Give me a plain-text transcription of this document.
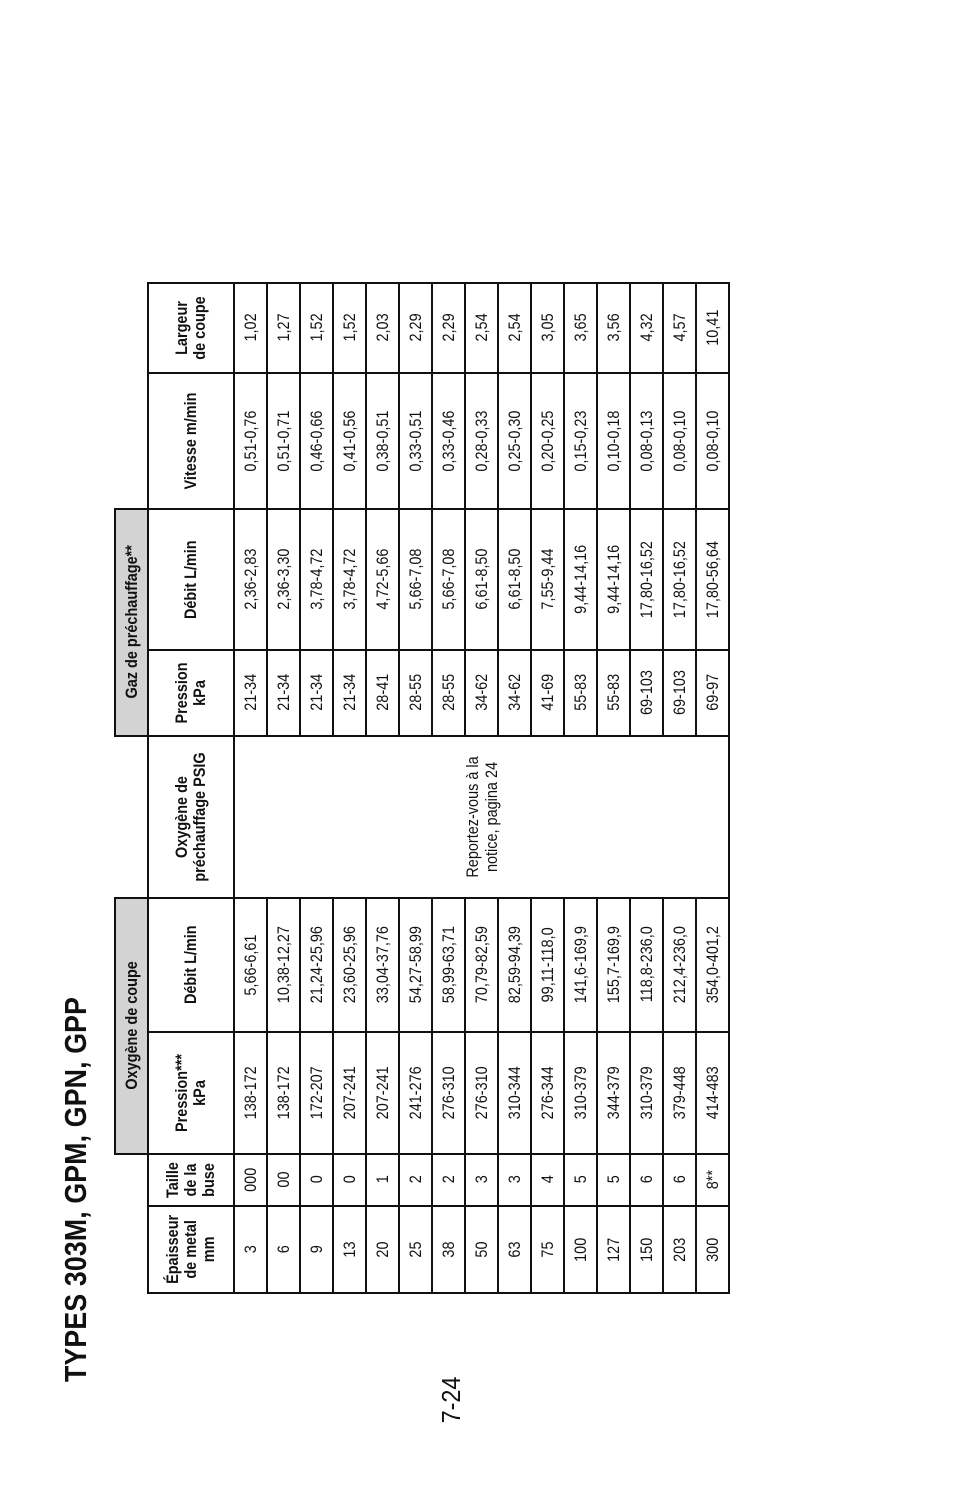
TYPES 303M, GPM, GPN, GPP
		Oxygène de coupe			Gaz de préchauffage**			
Épaisseur de metal mm	Taille de la buse	Pression*** kPa	Débit L/min	Oxygène de préchauffage PSIG	Pression kPa	Débit L/min	Vitesse m/min	Largeur de coupe
3	000	138-172	5,66-6,61	Reportez-vous à la notice, pagina 24	21-34	2,36-2,83	0,51-0,76	1,02
6	00	138-172	10,38-12,27		21-34	2,36-3,30	0,51-0,71	1,27
9	0	172-207	21,24-25,96		21-34	3,78-4,72	0,46-0,66	1,52
13	0	207-241	23,60-25,96		21-34	3,78-4,72	0,41-0,56	1,52
20	1	207-241	33,04-37,76		28-41	4,72-5,66	0,38-0,51	2,03
25	2	241-276	54,27-58,99		28-55	5,66-7,08	0,33-0,51	2,29
38	2	276-310	58,99-63,71		28-55	5,66-7,08	0,33-0,46	2,29
50	3	276-310	70,79-82,59		34-62	6,61-8,50	0,28-0,33	2,54
63	3	310-344	82,59-94,39		34-62	6,61-8,50	0,25-0,30	2,54
75	4	276-344	99,11-118,0		41-69	7,55-9,44	0,20-0,25	3,05
100	5	310-379	141,6-169,9		55-83	9,44-14,16	0,15-0,23	3,65
127	5	344-379	155,7-169,9		55-83	9,44-14,16	0,10-0,18	3,56
150	6	310-379	118,8-236,0		69-103	17,80-16,52	0,08-0,13	4,32
203	6	379-448	212,4-236,0		69-103	17,80-16,52	0,08-0,10	4,57
300	8**	414-483	354,0-401,2		69-97	17,80-56,64	0,08-0,10	10,41
7-24
